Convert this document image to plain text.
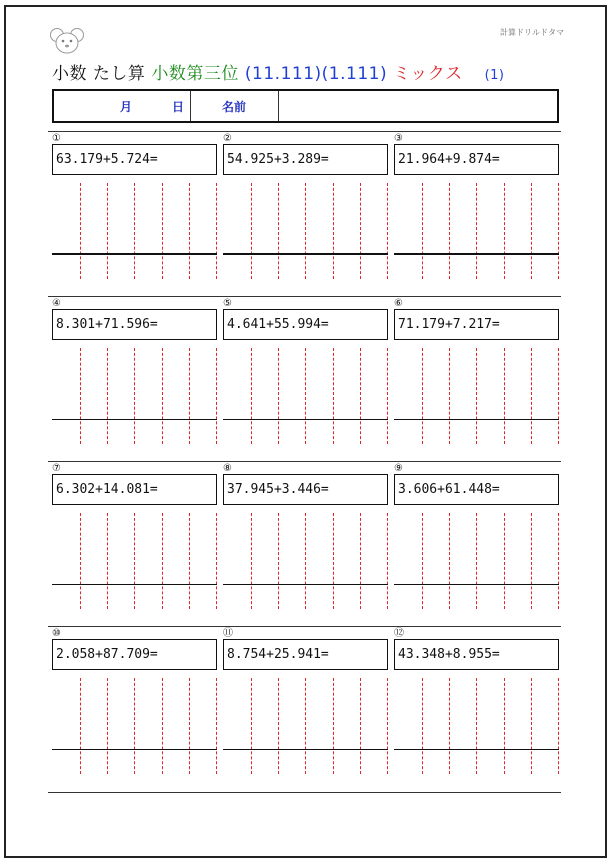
計算ドリルドタマ
小数 たし算 小数第三位 (11.111)(1.111) ミックス (1)
月	日	名前
①
63.179+5.724=
②
54.925+3.289=
③
21.964+9.874=
④
8.301+71.596=
⑤
4.641+55.994=
⑥
71.179+7.217=
⑦
6.302+14.081=
⑧
37.945+3.446=
⑨
3.606+61.448=
⑩
2.058+87.709=
⑪
8.754+25.941=
⑫
43.348+8.955=
